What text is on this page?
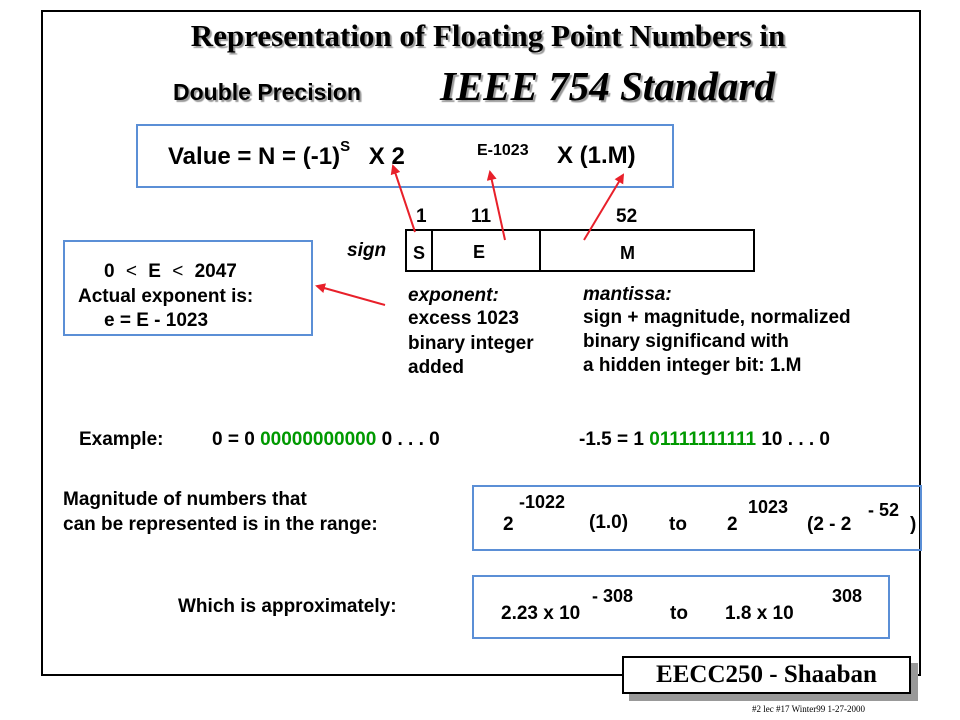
Representation of Floating Point Numbers in
Double Precision IEEE 754 Standard
Value = $N = (-1)^S$ X 2	E-1023 X (1.M)
1 11	52
sign S	E	M
0 < E < 2047
Actual exponent is:
e = E - 1023
exponent:
excess 1023
binary integer
added
mantissa:
sign + magnitude, normalized
binary significand with
a hidden integer bit: 1.M
Example:	0 = 0 00000000000 0 . . . 0	-1.5 = 1 01111111111 10 . . . 0
Magnitude of numbers that
can be represented is in the range:	2
-1022
(1.0) to 2
1023
(2 - 2
- 52
)
Which is approximately:	2.23 x 10
- 308
to 1.8 x 10
308
EECC250 - Shaaban
#2 lec #17 Winter99 1-27-2000
